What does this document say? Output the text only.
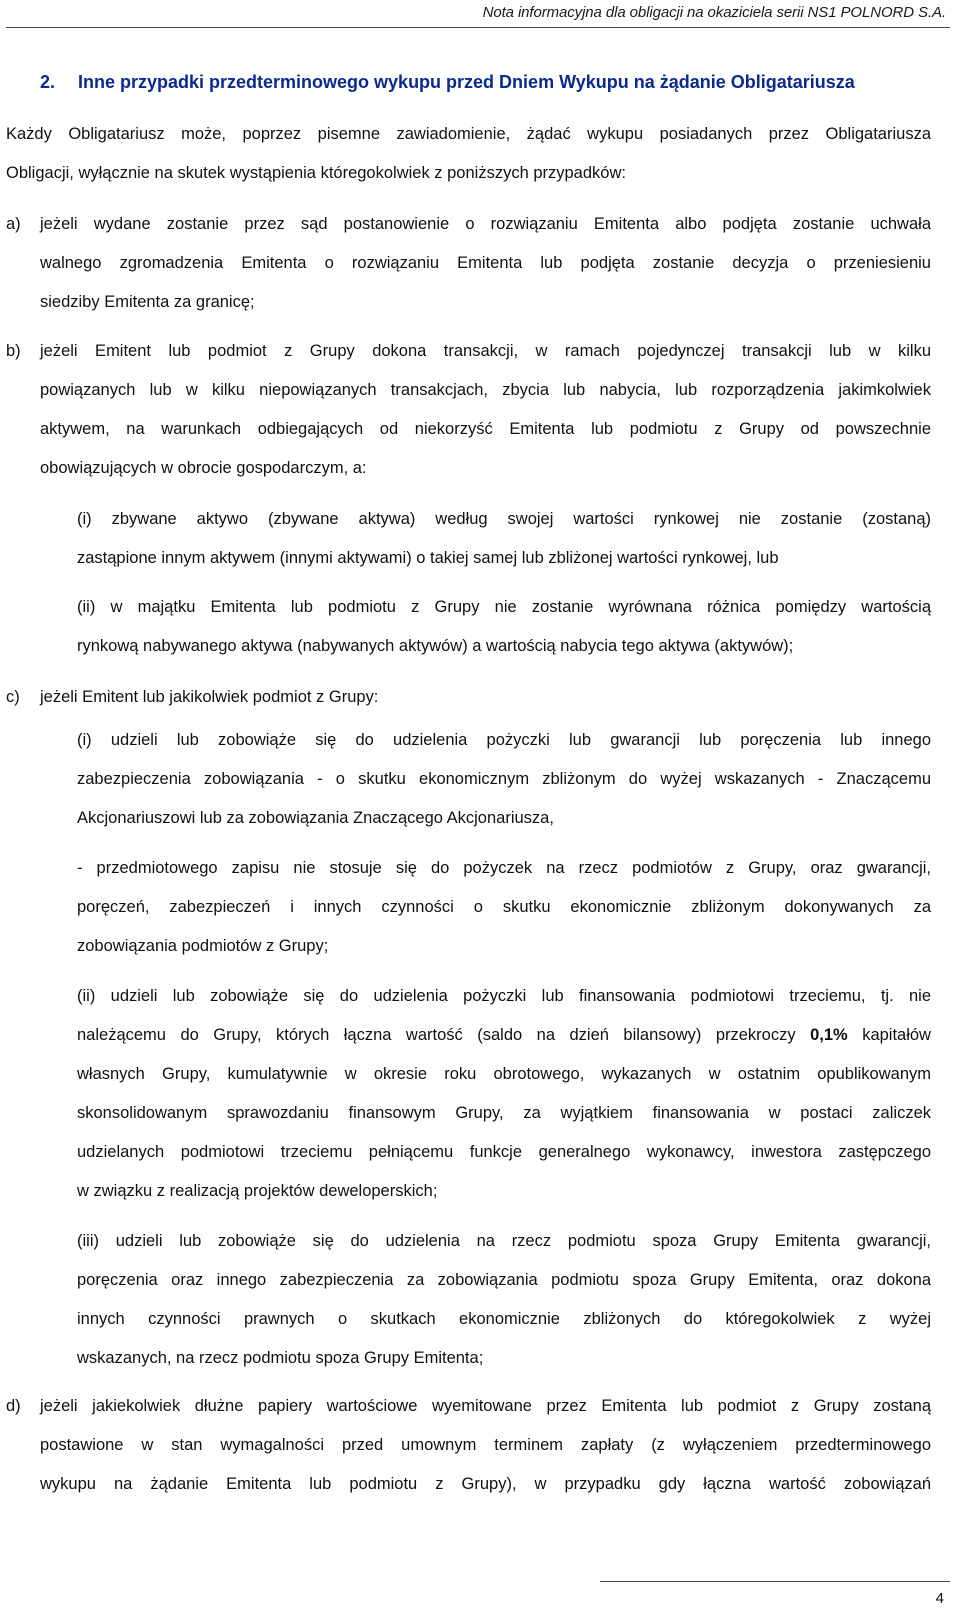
Nota informacyjna dla obligacji na okaziciela serii NS1 POLNORD S.A.
2. Inne przypadki przedterminowego wykupu przed Dniem Wykupu na żądanie Obligatariusza
Każdy Obligatariusz może, poprzez pisemne zawiadomienie, żądać wykupu posiadanych przez Obligatariusza
Obligacji, wyłącznie na skutek wystąpienia któregokolwiek z poniższych przypadków:
a) jeżeli wydane zostanie przez sąd postanowienie o rozwiązaniu Emitenta albo podjęta zostanie uchwała
walnego zgromadzenia Emitenta o rozwiązaniu Emitenta lub podjęta zostanie decyzja o przeniesieniu
siedziby Emitenta za granicę;
b) jeżeli Emitent lub podmiot z Grupy dokona transakcji, w ramach pojedynczej transakcji lub w kilku
powiązanych lub w kilku niepowiązanych transakcjach, zbycia lub nabycia, lub rozporządzenia jakimkolwiek
aktywem, na warunkach odbiegających od niekorzyść Emitenta lub podmiotu z Grupy od powszechnie
obowiązujących w obrocie gospodarczym, a:
(i) zbywane aktywo (zbywane aktywa) według swojej wartości rynkowej nie zostanie (zostaną)
zastąpione innym aktywem (innymi aktywami) o takiej samej lub zbliżonej wartości rynkowej, lub
(ii) w majątku Emitenta lub podmiotu z Grupy nie zostanie wyrównana różnica pomiędzy wartością
rynkową nabywanego aktywa (nabywanych aktywów) a wartością nabycia tego aktywa (aktywów);
c) jeżeli Emitent lub jakikolwiek podmiot z Grupy:
(i) udzieli lub zobowiąże się do udzielenia pożyczki lub gwarancji lub poręczenia lub innego
zabezpieczenia zobowiązania - o skutku ekonomicznym zbliżonym do wyżej wskazanych - Znaczącemu
Akcjonariuszowi lub za zobowiązania Znaczącego Akcjonariusza,
- przedmiotowego zapisu nie stosuje się do pożyczek na rzecz podmiotów z Grupy, oraz gwarancji,
poręczeń, zabezpieczeń i innych czynności o skutku ekonomicznie zbliżonym dokonywanych za
zobowiązania podmiotów z Grupy;
(ii) udzieli lub zobowiąże się do udzielenia pożyczki lub finansowania podmiotowi trzeciemu, tj. nie
należącemu do Grupy, których łączna wartość (saldo na dzień bilansowy) przekroczy 0,1% kapitałów
własnych Grupy, kumulatywnie w okresie roku obrotowego, wykazanych w ostatnim opublikowanym
skonsolidowanym sprawozdaniu finansowym Grupy, za wyjątkiem finansowania w postaci zaliczek
udzielanych podmiotowi trzeciemu pełniącemu funkcje generalnego wykonawcy, inwestora zastępczego
w związku z realizacją projektów deweloperskich;
(iii) udzieli lub zobowiąże się do udzielenia na rzecz podmiotu spoza Grupy Emitenta gwarancji,
poręczenia oraz innego zabezpieczenia za zobowiązania podmiotu spoza Grupy Emitenta, oraz dokona
innych czynności prawnych o skutkach ekonomicznie zbliżonych do któregokolwiek z wyżej
wskazanych, na rzecz podmiotu spoza Grupy Emitenta;
d) jeżeli jakiekolwiek dłużne papiery wartościowe wyemitowane przez Emitenta lub podmiot z Grupy zostaną
postawione w stan wymagalności przed umownym terminem zapłaty (z wyłączeniem przedterminowego
wykupu na żądanie Emitenta lub podmiotu z Grupy), w przypadku gdy łączna wartość zobowiązań
4
